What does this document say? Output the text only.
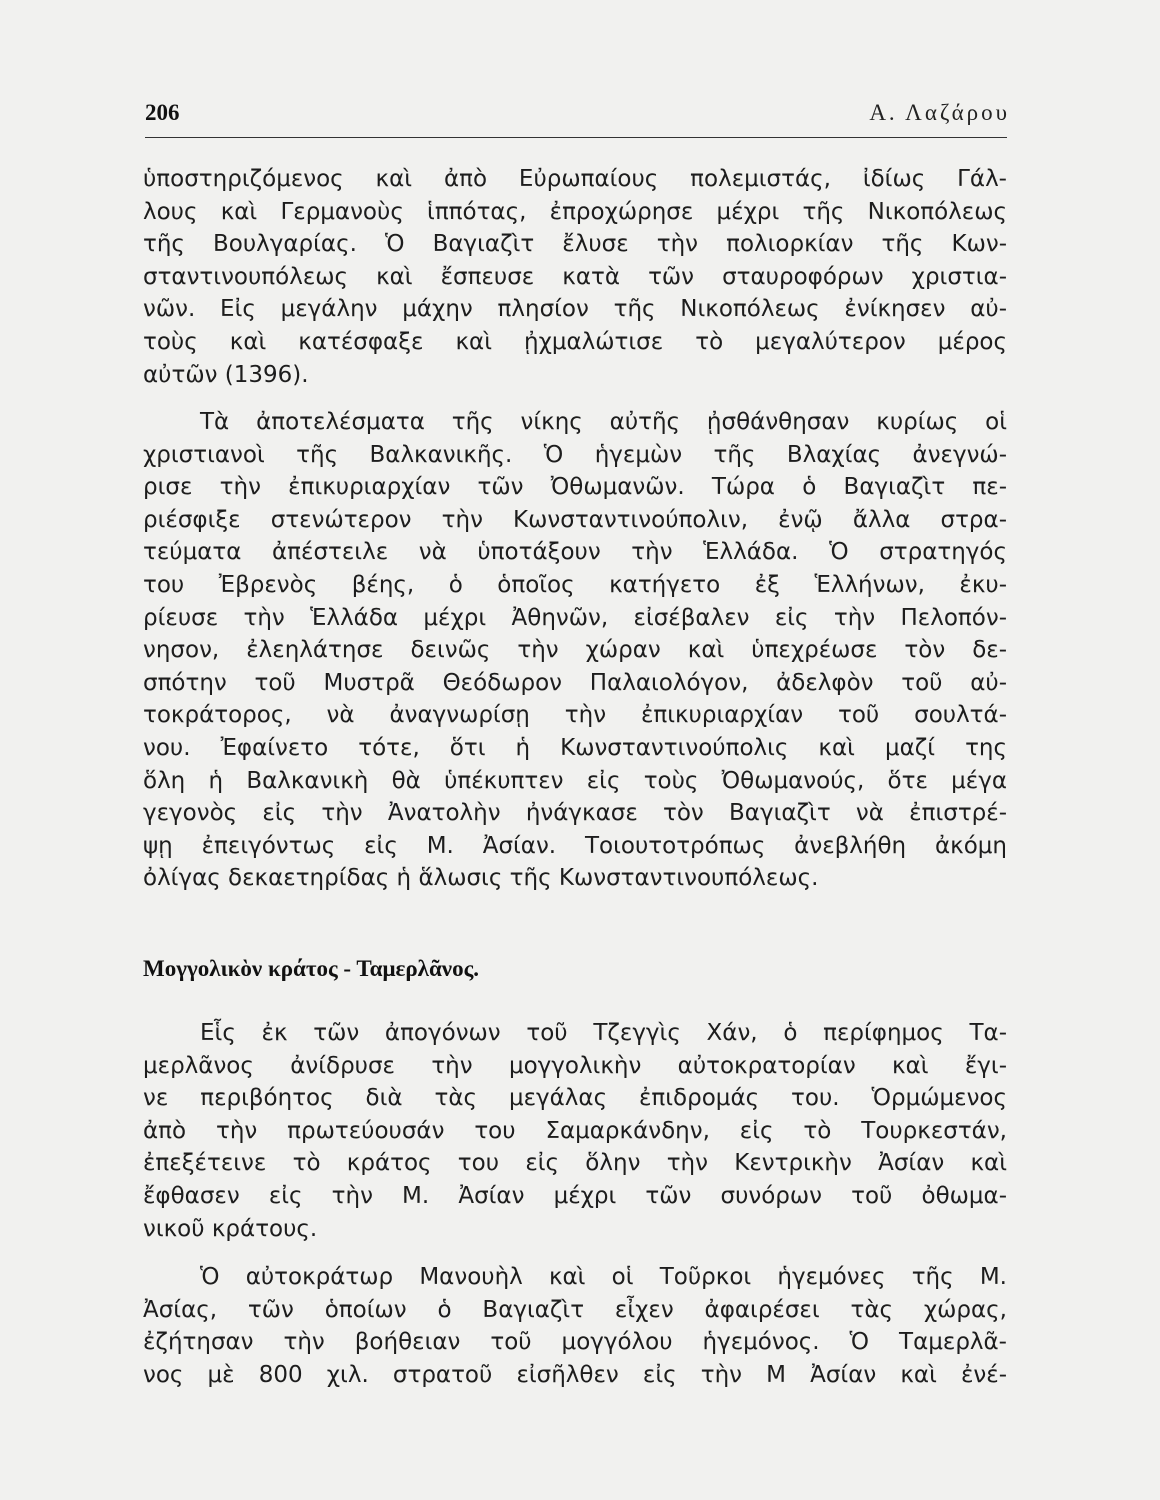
206	Α. Λαζάρου
ὑποστηριζόμενος καὶ ἀπὸ Εὐρωπαίους πολεμιστάς, ἰδίως Γάλ-
λους καὶ Γερμανοὺς ἱππότας, ἐπροχώρησε μέχρι τῆς Νικοπόλεως
τῆς Βουλγαρίας. Ὁ Βαγιαζὶτ ἔλυσε τὴν πολιορκίαν τῆς Κων-
σταντινουπόλεως καὶ ἔσπευσε κατὰ τῶν σταυροφόρων χριστια-
νῶν. Εἰς μεγάλην μάχην πλησίον τῆς Νικοπόλεως ἐνίκησεν αὐ-
τοὺς καὶ κατέσφαξε καὶ ᾐχμαλώτισε τὸ μεγαλύτερον μέρος
αὐτῶν (1396).
Τὰ ἀποτελέσματα τῆς νίκης αὐτῆς ᾐσθάνθησαν κυρίως οἱ
χριστιανοὶ τῆς Βαλκανικῆς. Ὁ ἡγεμὼν τῆς Βλαχίας ἀνεγνώ-
ρισε τὴν ἐπικυριαρχίαν τῶν Ὀθωμανῶν. Τώρα ὁ Βαγιαζὶτ πε-
ριέσφιξε στενώτερον τὴν Κωνσταντινούπολιν, ἐνῷ ἄλλα στρα-
τεύματα ἀπέστειλε νὰ ὑποτάξουν τὴν Ἑλλάδα. Ὁ στρατηγός
του Ἐβρενὸς βέης, ὁ ὁποῖος κατήγετο ἐξ Ἑλλήνων, ἐκυ-
ρίευσε τὴν Ἑλλάδα μέχρι Ἀθηνῶν, εἰσέβαλεν εἰς τὴν Πελοπόν-
νησον, ἐλεηλάτησε δεινῶς τὴν χώραν καὶ ὑπεχρέωσε τὸν δε-
σπότην τοῦ Μυστρᾶ Θεόδωρον Παλαιολόγον, ἀδελφὸν τοῦ αὐ-
τοκράτορος, νὰ ἀναγνωρίσῃ τὴν ἐπικυριαρχίαν τοῦ σουλτά-
νου. Ἐφαίνετο τότε, ὅτι ἡ Κωνσταντινούπολις καὶ μαζί της
ὅλη ἡ Βαλκανικὴ θὰ ὑπέκυπτεν εἰς τοὺς Ὀθωμανούς, ὅτε μέγα
γεγονὸς εἰς τὴν Ἀνατολὴν ἠνάγκασε τὸν Βαγιαζὶτ νὰ ἐπιστρέ-
ψῃ ἐπειγόντως εἰς Μ. Ἀσίαν. Τοιουτοτρόπως ἀνεβλήθη ἀκόμη
ὀλίγας δεκαετηρίδας ἡ ἅλωσις τῆς Κωνσταντινουπόλεως.
Μογγολικὸν κράτος - Ταμερλᾶνος.
Εἷς ἐκ τῶν ἀπογόνων τοῦ Τζεγγὶς Χάν, ὁ περίφημος Τα-
μερλᾶνος ἀνίδρυσε τὴν μογγολικὴν αὐτοκρατορίαν καὶ ἔγι-
νε περιβόητος διὰ τὰς μεγάλας ἐπιδρομάς του. Ὁρμώμενος
ἀπὸ τὴν πρωτεύουσάν του Σαμαρκάνδην, εἰς τὸ Τουρκεστάν,
ἐπεξέτεινε τὸ κράτος του εἰς ὅλην τὴν Κεντρικὴν Ἀσίαν καὶ
ἔφθασεν εἰς τὴν Μ. Ἀσίαν μέχρι τῶν συνόρων τοῦ ὀθωμα-
νικοῦ κράτους.
Ὁ αὐτοκράτωρ Μανουὴλ καὶ οἱ Τοῦρκοι ἡγεμόνες τῆς Μ.
Ἀσίας, τῶν ὁποίων ὁ Βαγιαζὶτ εἶχεν ἀφαιρέσει τὰς χώρας,
ἐζήτησαν τὴν βοήθειαν τοῦ μογγόλου ἡγεμόνος. Ὁ Ταμερλᾶ-
νος μὲ 800 χιλ. στρατοῦ εἰσῆλθεν εἰς τὴν Μ Ἀσίαν καὶ ἐνέ-
